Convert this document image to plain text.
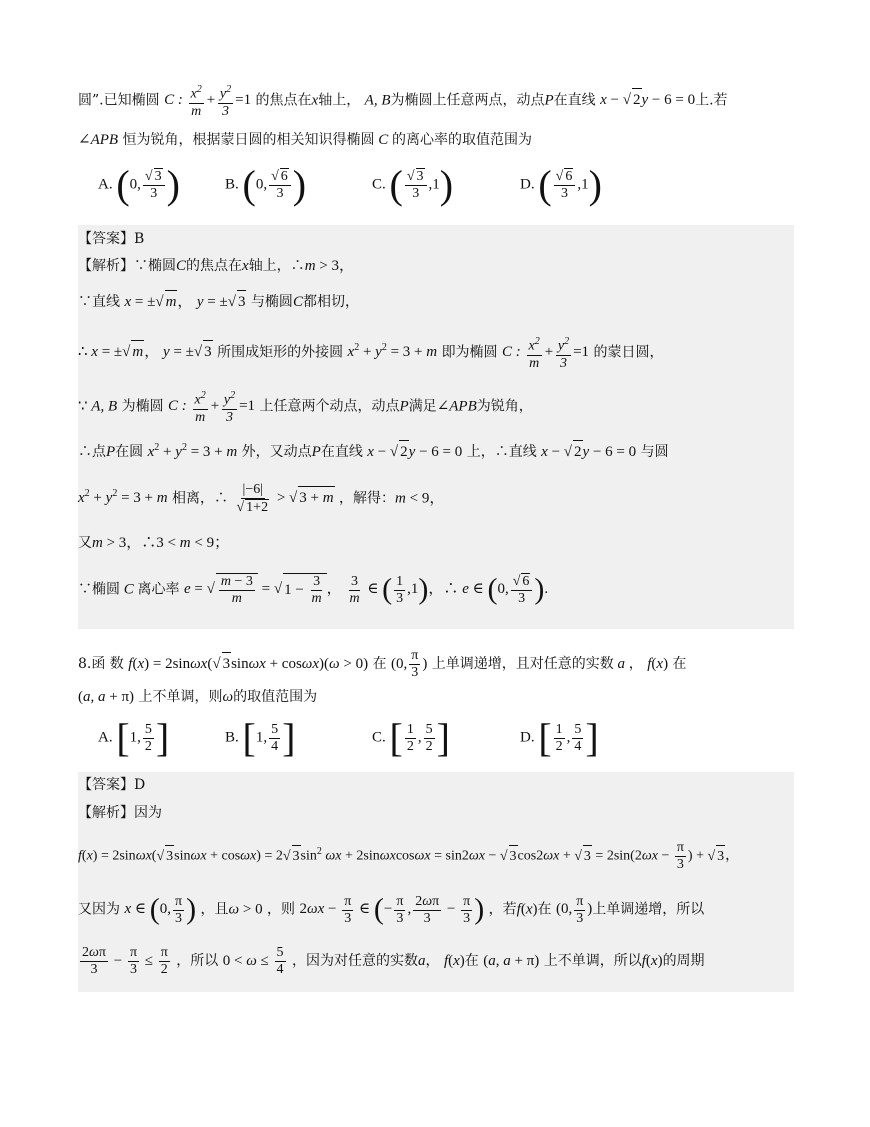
圆”.已知椭圆 C : $\frac{x^2}{m} + \frac{y^2}{3} =1$ 的焦点在x轴上， A, B为椭圆上任意两点，动点P在直线 x − √ 2y − 6 = 0上.若
∠APB 恒为锐角，根据蒙日圆的相关知识得椭圆 C 的离心率的取值范围为
A. (0, √ $\frac{3}{3}$ )	B. (0, √ $\frac{6}{3}$ )	C. ( √ $\frac{3}{3} ,1$)	D. ( √ $\frac{6}{3} ,1$)
【答案】B
【解析】∵椭圆C的焦点在x轴上，∴m > 3，
∵直线 x = ± √ m， y = ± √ 3 与椭圆C都相切，
∴ x = ± √ m， y = ± √ 3 所围成矩形的外接圆 $x^2 + y^2 = 3 + m$ 即为椭圆 C : $\frac{x^2}{m} + \frac{y^2}{3} =1$ 的蒙日圆，
∵ A, B 为椭圆 C : $\frac{x^2}{m} + \frac{y^2}{3} =1$ 上任意两个动点，动点P满足∠APB为锐角，
∴点P在圆 $x^2 + y^2 = 3 + m$ 外，又动点P在直线 x − √ 2y − 6 = 0 上，∴直线 x − √ 2y − 6 = 0 与圆
$x^2 + y^2 = 3 + m$ 相离，∴ |−6|
√ 1+2 > √ 3 + m ，解得：m < 9，
又m > 3，∴3 < m < 9；
∵椭圆 C 离心率 e = √ $\frac{m - 3}{m}$ = √ $1 - \frac{3}{m}$ ， $\frac{3}{m}$ ∈ ( $\frac{1}{3} ,1$)，∴ e ∈ (0, √ $\frac{6}{3}$ ).
8.函 数 f(x) = 2sinωx( √ 3sinωx + cosωx)(ω > 0) 在 (0, $\frac{\pi}{3}$ ) 上单调递增，且对任意的实数 a ， f(x) 在
(a, a + π) 上不单调，则ω的取值范围为
A. [1, $\frac{5}{2}$ ]	B. [1, $\frac{5}{4}$ ]	C. [ $\frac{1}{2}$ , $\frac{5}{2}$ ]	D. [ $\frac{1}{2}$ , $\frac{5}{4}$ ]
【答案】D
【解析】因为
f(x) = 2sinωx( √ 3sinωx + cosωx) = 2 √ $3\sin^2$ ωx + 2sinωxcosωx = sin2ωx − √ 3cos2ωx + √ $3 = 2\sin(2\omega x - \frac{\pi}{3}$ ) + √ 3，
又因为 x ∈ (0, $\frac{\pi}{3}$ ) ，且ω > 0 ，则 $2\omega x - \frac{\pi}{3}$ ∈ (− $\frac{\pi}{3}$ , $\frac{2\omega\pi}{3} - \frac{\pi}{3}$ ) ，若f(x)在 (0, $\frac{\pi}{3}$ )上单调递增，所以
$\frac{2\omega\pi}{3} - \frac{\pi}{3} \le \frac{\pi}{2}$ ，所以 $0 < \omega \le \frac{5}{4}$ ，因为对任意的实数a， f(x)在 (a, a + π) 上不单调，所以f(x)的周期
